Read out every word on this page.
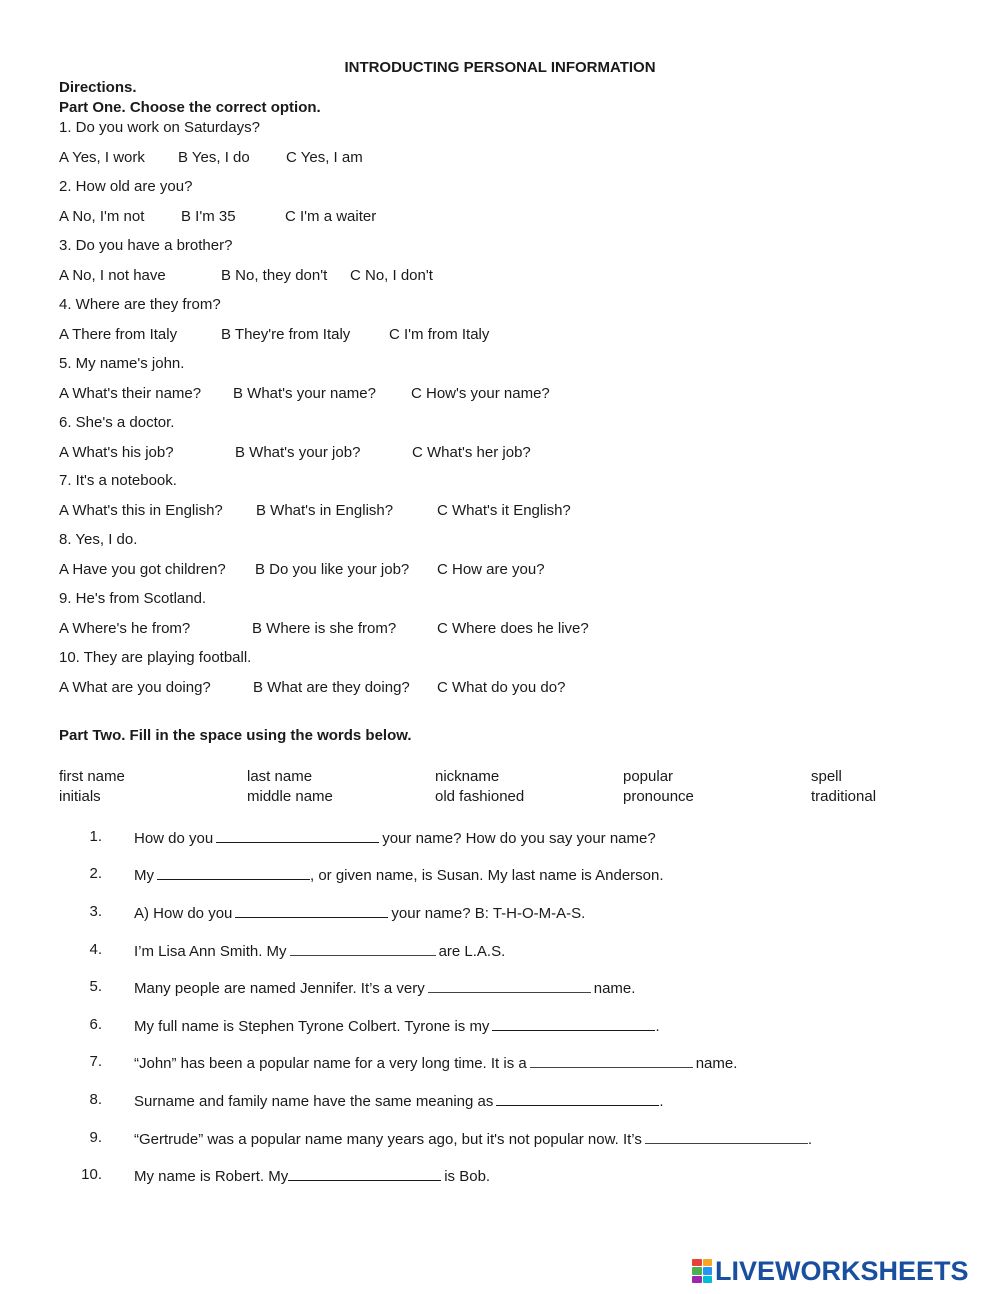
INTRODUCTING PERSONAL INFORMATION
Directions.
Part One. Choose the correct option.
1. Do you work on Saturdays?
A Yes, I work B Yes, I do C Yes, I am
2. How old are you?
A No, I'm not B I'm 35	C I'm a waiter
3. Do you have a brother?
A No, I not have	B No, they don't C No, I don't
4. Where are they from?
A There from Italy	B They're from Italy	C I'm from Italy
5. My name's john.
A What's their name? B What's your name? C How's your name?
6. She's a doctor.
A What's his job?	B What's your job?	C What's her job?
7. It's a notebook.
A What's this in English? B What's in English?	C What's it English?
8. Yes, I do.
A Have you got children? B Do you like your job? C How are you?
9. He's from Scotland.
A Where's he from?	B Where is she from?	C Where does he live?
10. They are playing football.
A What are you doing?	B What are they doing? C What do you do?
Part Two. Fill in the space using the words below.
first name	last name	nickname	popular	spell
initials	middle name	old fashioned	pronounce	traditional
1. How do you	your name? How do you say your name?
2. My	, or given name, is Susan. My last name is Anderson.
3. A) How do you	your name? B: T-H-O-M-A-S.
4. I’m Lisa Ann Smith. My	are L.A.S.
5. Many people are named Jennifer. It’s a very	name.
6. My full name is Stephen Tyrone Colbert. Tyrone is my	.
7. “John” has been a popular name for a very long time. It is a	name.
8. Surname and family name have the same meaning as	.
9. “Gertrude” was a popular name many years ago, but it's not popular now. It’s	.
10. My name is Robert. My	is Bob.
LIVEWORKSHEETS
